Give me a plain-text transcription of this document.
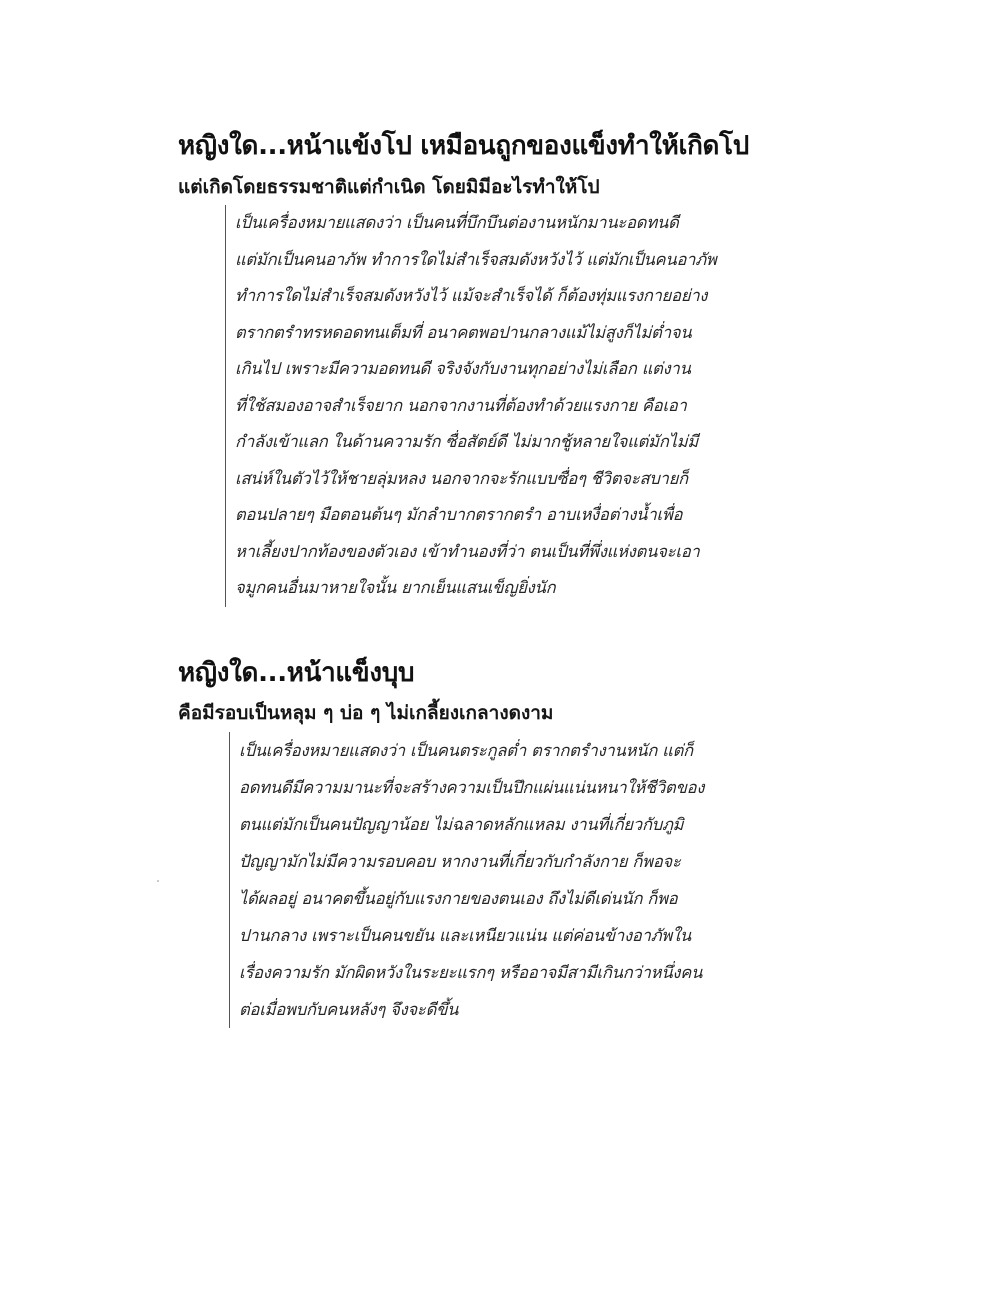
หญิงใด...หน้าแข้งโป เหมือนถูกของแข็งทำให้เกิดโป
แต่เกิดโดยธรรมชาติแต่กำเนิด โดยมิมีอะไรทำให้โป
เป็นเครื่องหมายแสดงว่า เป็นคนที่บึกบึนต่องานหนักมานะอดทนดี
แต่มักเป็นคนอาภัพ ทำการใดไม่สำเร็จสมดังหวังไว้ แต่มักเป็นคนอาภัพ
ทำการใดไม่สำเร็จสมดังหวังไว้ แม้จะสำเร็จได้ ก็ต้องทุ่มแรงกายอย่าง
ตรากตรำทรหดอดทนเต็มที่ อนาคตพอปานกลางแม้ไม่สูงก็ไม่ต่ำจน
เกินไป เพราะมีความอดทนดี จริงจังกับงานทุกอย่างไม่เลือก แต่งาน
ที่ใช้สมองอาจสำเร็จยาก นอกจากงานที่ต้องทำด้วยแรงกาย คือเอา
กำลังเข้าแลก ในด้านความรัก ซื่อสัตย์ดี ไม่มากชู้หลายใจแต่มักไม่มี
เสน่ห์ในตัวไว้ให้ชายลุ่มหลง นอกจากจะรักแบบซื่อๆ ชีวิตจะสบายก็
ตอนปลายๆ มือตอนต้นๆ มักลำบากตรากตรำ อาบเหงื่อต่างน้ำเพื่อ
หาเลี้ยงปากท้องของตัวเอง เข้าทำนองที่ว่า ตนเป็นที่พึ่งแห่งตนจะเอา
จมูกคนอื่นมาหายใจนั้น ยากเย็นแสนเข็ญยิ่งนัก
หญิงใด...หน้าแข็งบุบ
คือมีรอบเป็นหลุม ๆ บ่อ ๆ ไม่เกลี้ยงเกลางดงาม
เป็นเครื่องหมายแสดงว่า เป็นคนตระกูลต่ำ ตรากตรำงานหนัก แต่ก็
อดทนดีมีความมานะที่จะสร้างความเป็นปึกแผ่นแน่นหนาให้ชีวิตของ
ตนแต่มักเป็นคนปัญญาน้อย ไม่ฉลาดหลักแหลม งานที่เกี่ยวกับภูมิ
ปัญญามักไม่มีความรอบคอบ หากงานที่เกี่ยวกับกำลังกาย ก็พอจะ
ได้ผลอยู่ อนาคตขึ้นอยู่กับแรงกายของตนเอง ถึงไม่ดีเด่นนัก ก็พอ
ปานกลาง เพราะเป็นคนขยัน และเหนียวแน่น แต่ค่อนข้างอาภัพใน
เรื่องความรัก มักผิดหวังในระยะแรกๆ หรืออาจมีสามีเกินกว่าหนึ่งคน
ต่อเมื่อพบกับคนหลังๆ จึงจะดีขึ้น
